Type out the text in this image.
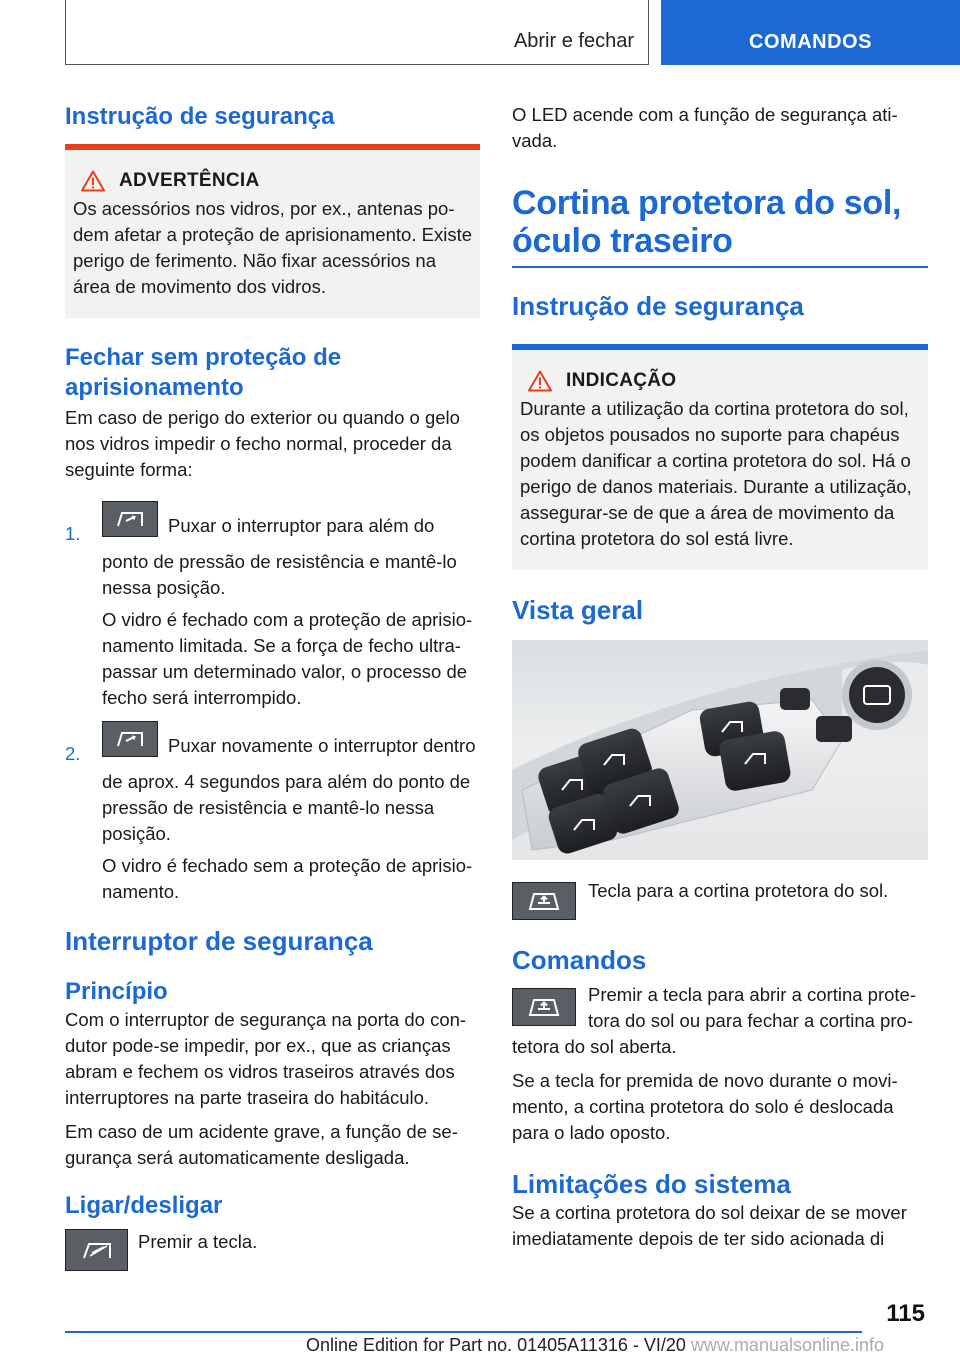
Abrir e fechar	COMANDOS
Instrução de segurança
ADVERTÊNCIA

Os acessórios nos vidros, por ex., antenas podem afetar a proteção de aprisionamento. Existe perigo de ferimento. Não fixar acessórios na área de movimento dos vidros.

Fechar sem proteção de aprisionamento

Em caso de perigo do exterior ou quando o gelo nos vidros impedir o fecho normal, proceder da seguinte forma:

1.	Puxar o interruptor para além do ponto de pressão de resistência e mantê-lo nessa posição.

O vidro é fechado com a proteção de aprisionamento limitada. Se a força de fecho ultrapassar um determinado valor, o processo de fecho será interrompido.

2.	Puxar novamente o interruptor dentro de aprox. 4 segundos para além do ponto de pressão de resistência e mantê-lo nessa posição.

O vidro é fechado sem a proteção de aprisionamento.

Interruptor de segurança
Princípio

Com o interruptor de segurança na porta do condutor pode-se impedir, por ex., que as crianças abram e fechem os vidros traseiros através dos interruptores na parte traseira do habitáculo.

Em caso de um acidente grave, a função de segurança será automaticamente desligada.

Ligar/desligar
Premir a tecla.

O LED acende com a função de segurança ativada.

Cortina protetora do sol, óculo traseiro
Instrução de segurança
INDICAÇÃO

Durante a utilização da cortina protetora do sol, os objetos pousados no suporte para chapéus podem danificar a cortina protetora do sol. Há o perigo de danos materiais. Durante a utilização, assegurar-se de que a área de movimento da cortina protetora do sol está livre.

Vista geral

Tecla para a cortina protetora do sol.

Comandos

Premir a tecla para abrir a cortina protetora do sol ou para fechar a cortina protetora do sol aberta.

Se a tecla for premida de novo durante o movimento, a cortina protetora do solo é deslocada para o lado oposto.

Limitações do sistema

Se a cortina protetora do sol deixar de se mover imediatamente depois de ter sido acionada di

115
Online Edition for Part no. 01405A11316 - VI/20 www.manualsonline.info
